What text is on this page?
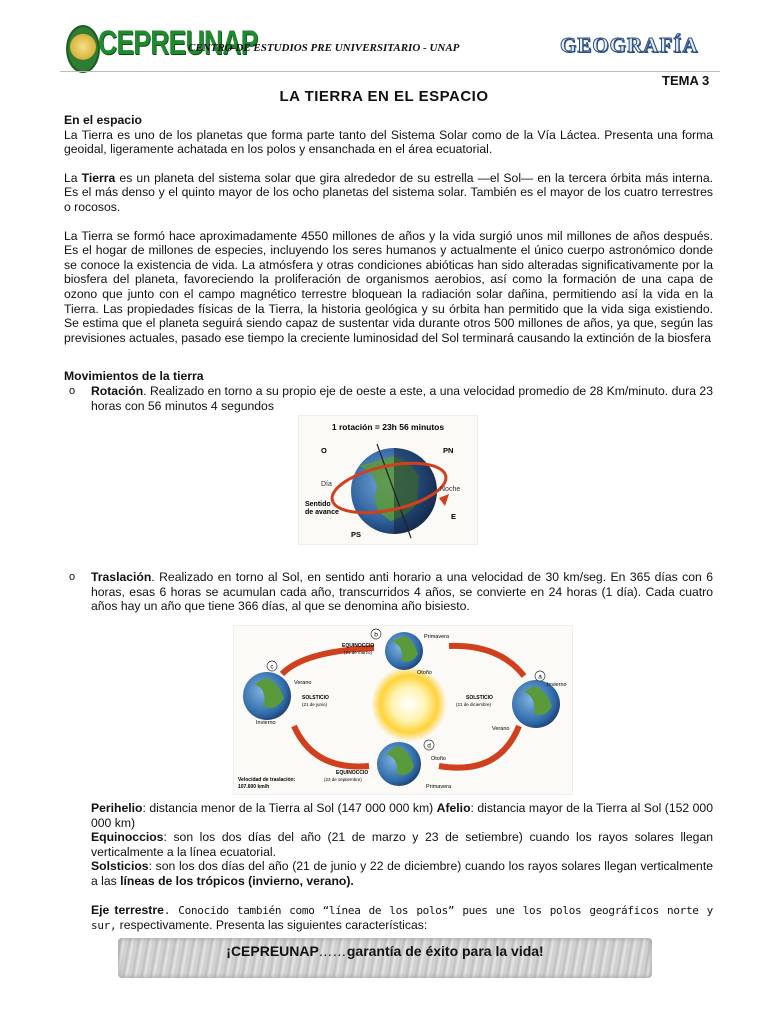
CEPREUNAP
CENTRO DE ESTUDIOS PRE UNIVERSITARIO - UNAP	GEOGRAFÍA
TEMA 3
LA TIERRA EN EL ESPACIO

En el espacio

La Tierra es uno de los planetas que forma parte tanto del Sistema Solar como de la Vía Láctea. Presenta una forma geoidal, ligeramente achatada en los polos y ensanchada en el área ecuatorial.

La Tierra es un planeta del sistema solar que gira alrededor de su estrella —el Sol— en la tercera órbita más interna. Es el más denso y el quinto mayor de los ocho planetas del sistema solar. También es el mayor de los cuatro terrestres o rocosos.

La Tierra se formó hace aproximadamente 4550 millones de años y la vida surgió unos mil millones de años después. Es el hogar de millones de especies, incluyendo los seres humanos y actualmente el único cuerpo astronómico donde se conoce la existencia de vida. La atmósfera y otras condiciones abióticas han sido alteradas significativamente por la biosfera del planeta, favoreciendo la proliferación de organismos aerobios, así como la formación de una capa de ozono que junto con el campo magnético terrestre bloquean la radiación solar dañina, permitiendo así la vida en la Tierra. Las propiedades físicas de la Tierra, la historia geológica y su órbita han permitido que la vida siga existiendo. Se estima que el planeta seguirá siendo capaz de sustentar vida durante otros 500 millones de años, ya que, según las previsiones actuales, pasado ese tiempo la creciente luminosidad del Sol terminará causando la extinción de la biosfera

Movimientos de la tierra

o Rotación. Realizado en torno a su propio eje de oeste a este, a una velocidad promedio de 28 Km/minuto. dura 23 horas con 56 minutos 4 segundos

1 rotación = 23h 56 minutos
O	PN
Día
Noche
Sentido
de avance	E
PS

o Traslación. Realizado en torno al Sol, en sentido anti horario a una velocidad de 30 km/seg. En 365 días con 6 horas, esas 6 horas se acumulan cada año, transcurridos 4 años, se convierte en 24 horas (1 día). Cada cuatro años hay un año que tiene 366 días, al que se denomina año bisiesto.

b
c
a
d
Primavera
EQUINOCCIO
(21 de marzo)
Otoño
Verano
SOLSTICIO
(21 de junio)
Invierno
Invierno
SOLSTICIO
(21 de diciembre)
Verano
EQUINOCCIO
(23 de septiembre)
Otoño
Primavera
Velocidad de traslación:
107.600 km/h

Perihelio: distancia menor de la Tierra al Sol (147 000 000 km) Afelio: distancia mayor de la Tierra al Sol (152 000 000 km)

Equinoccios: son los dos días del año (21 de marzo y 23 de setiembre) cuando los rayos solares llegan verticalmente a la línea ecuatorial.

Solsticios: son los dos días del año (21 de junio y 22 de diciembre) cuando los rayos solares llegan verticalmente a las líneas de los trópicos (invierno, verano).

Eje terrestre. Conocido también como “línea de los polos” pues une los polos geográficos norte y sur, respectivamente. Presenta las siguientes características:

¡CEPREUNAP……garantía de éxito para la vida!
